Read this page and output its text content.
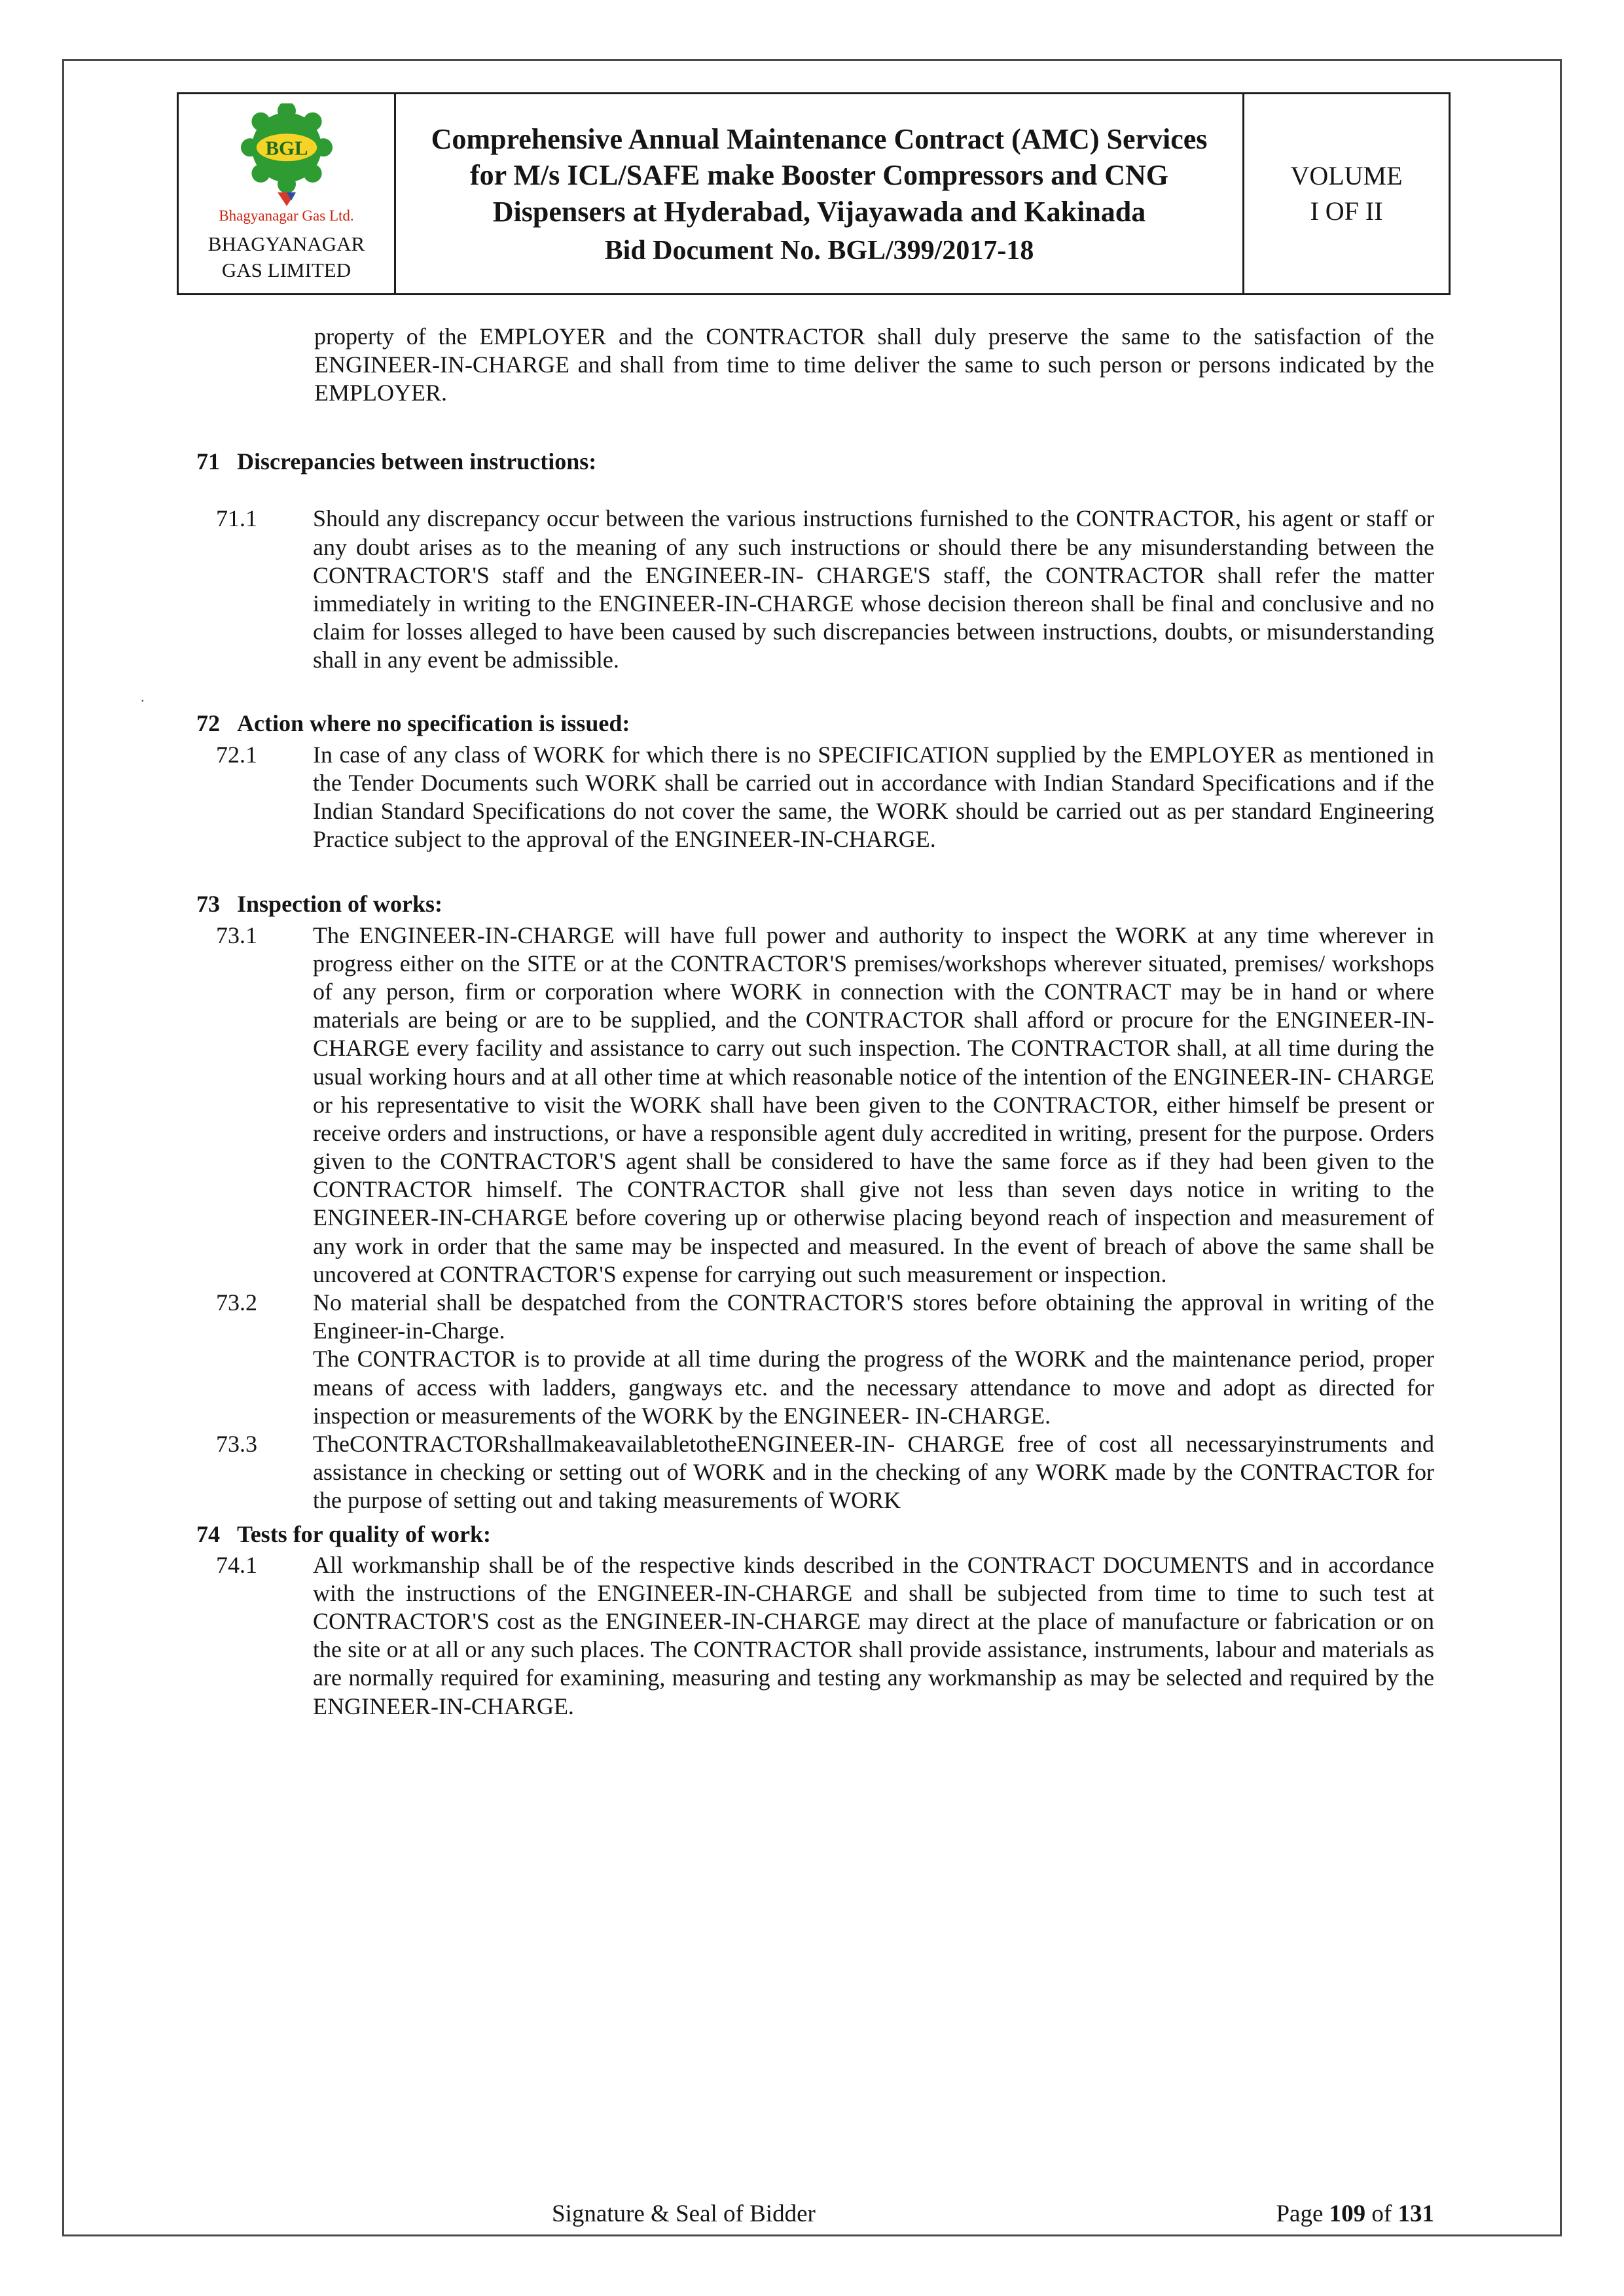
BGL
Bhagyanagar Gas Ltd.
BHAGYANAGAR
GAS LIMITED
Comprehensive Annual Maintenance Contract (AMC) Services for M/s ICL/SAFE make Booster Compressors and CNG Dispensers at Hyderabad, Vijayawada and Kakinada
Bid Document No. BGL/399/2017-18
VOLUME
I OF II

property of the EMPLOYER and the CONTRACTOR shall duly preserve the same to the satisfaction of the ENGINEER-IN-CHARGE and shall from time to time deliver the same to such person or persons indicated by the EMPLOYER.

71 Discrepancies between instructions:
71.1	Should any discrepancy occur between the various instructions furnished to the CONTRACTOR, his agent or staff or any doubt arises as to the meaning of any such instructions or should there be any misunderstanding between the CONTRACTOR'S staff and the ENGINEER-IN- CHARGE'S staff, the CONTRACTOR shall refer the matter immediately in writing to the ENGINEER-IN-CHARGE whose decision thereon shall be final and conclusive and no claim for losses alleged to have been caused by such discrepancies between instructions, doubts, or misunderstanding shall in any event be admissible.
.
72 Action where no specification is issued:
72.1	In case of any class of WORK for which there is no SPECIFICATION supplied by the EMPLOYER as mentioned in the Tender Documents such WORK shall be carried out in accordance with Indian Standard Specifications and if the Indian Standard Specifications do not cover the same, the WORK should be carried out as per standard Engineering Practice subject to the approval of the ENGINEER-IN-CHARGE.
73 Inspection of works:
73.1	The ENGINEER-IN-CHARGE will have full power and authority to inspect the WORK at any time wherever in progress either on the SITE or at the CONTRACTOR'S premises/workshops wherever situated, premises/ workshops of any person, firm or corporation where WORK in connection with the CONTRACT may be in hand or where materials are being or are to be supplied, and the CONTRACTOR shall afford or procure for the ENGINEER-IN- CHARGE every facility and assistance to carry out such inspection. The CONTRACTOR shall, at all time during the usual working hours and at all other time at which reasonable notice of the intention of the ENGINEER-IN- CHARGE or his representative to visit the WORK shall have been given to the CONTRACTOR, either himself be present or receive orders and instructions, or have a responsible agent duly accredited in writing, present for the purpose. Orders given to the CONTRACTOR'S agent shall be considered to have the same force as if they had been given to the CONTRACTOR himself. The CONTRACTOR shall give not less than seven days notice in writing to the ENGINEER-IN-CHARGE before covering up or otherwise placing beyond reach of inspection and measurement of any work in order that the same may be inspected and measured. In the event of breach of above the same shall be uncovered at CONTRACTOR'S expense for carrying out such measurement or inspection.
73.2	No material shall be despatched from the CONTRACTOR'S stores before obtaining the approval in writing of the Engineer-in-Charge.
The CONTRACTOR is to provide at all time during the progress of the WORK and the maintenance period, proper means of access with ladders, gangways etc. and the necessary attendance to move and adopt as directed for inspection or measurements of the WORK by the ENGINEER- IN-CHARGE.
73.3	TheCONTRACTORshallmakeavailabletotheENGINEER-IN- CHARGE free of cost all necessaryinstruments and assistance in checking or setting out of WORK and in the checking of any WORK made by the CONTRACTOR for the purpose of setting out and taking measurements of WORK
74 Tests for quality of work:
74.1	All workmanship shall be of the respective kinds described in the CONTRACT DOCUMENTS and in accordance with the instructions of the ENGINEER-IN-CHARGE and shall be subjected from time to time to such test at CONTRACTOR'S cost as the ENGINEER-IN-CHARGE may direct at the place of manufacture or fabrication or on the site or at all or any such places. The CONTRACTOR shall provide assistance, instruments, labour and materials as are normally required for examining, measuring and testing any workmanship as may be selected and required by the ENGINEER-IN-CHARGE.
Signature & Seal of Bidder	Page 109 of 131
